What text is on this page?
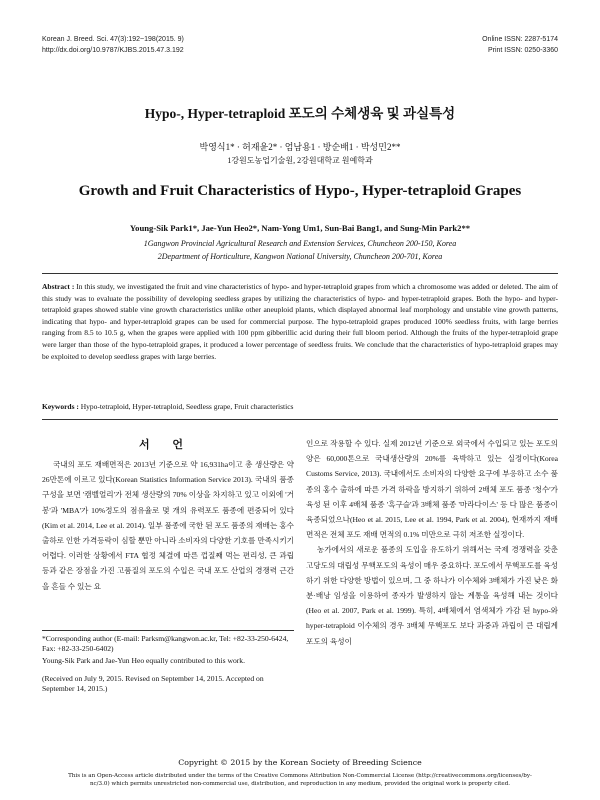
Korean J. Breed. Sci. 47(3):192~198(2015. 9)
http://dx.doi.org/10.9787/KJBS.2015.47.3.192
Online ISSN: 2287-5174
Print ISSN: 0250-3360
Hypo-, Hyper-tetraploid 포도의 수체생육 및 과실특성
박영식1* · 허재윤2* · 엄남용1 · 방순배1 · 박성민2**
1강원도농업기술원, 2강원대학교 원예학과
Growth and Fruit Characteristics of Hypo-, Hyper-tetraploid Grapes
Young-Sik Park1*, Jae-Yun Heo2*, Nam-Yong Um1, Sun-Bai Bang1, and Sung-Min Park2**
1Gangwon Provincial Agricultural Research and Extension Services, Chuncheon 200-150, Korea
2Department of Horticulture, Kangwon National University, Chuncheon 200-701, Korea
Abstract : In this study, we investigated the fruit and vine characteristics of hypo- and hyper-tetraploid grapes from which a chromosome was added or deleted. The aim of this study was to evaluate the possibility of developing seedless grapes by utilizing the characteristics of hypo- and hyper-tetraploid grapes. Both the hypo- and hyper-tetraploid grapes showed stable vine growth characteristics unlike other aneuploid plants, which displayed abnormal leaf morphology and unstable vine growth patterns, indicating that hypo- and hyper-tetraploid grapes can be used for commercial purpose. The hypo-tetraploid grapes produced 100% seedless fruits, with large berries ranging from 8.5 to 10.5 g, when the grapes were applied with 100 ppm gibberillic acid during their full bloom period. Although the fruits of the hyper-tetraploid grape were larger than those of the hypo-tetraploid grapes, it produced a lower percentage of seedless fruits. We conclude that the characteristics of hypo-tetraploid grapes may be exploited to develop seedless grapes with large berries.
Keywords : Hypo-tetraploid, Hyper-tetraploid, Seedless grape, Fruit characteristics
서 언

국내의 포도 재배면적은 2013년 기준으로 약 16,931ha이고 총 생산량은 약 26만톤에 이르고 있다(Korean Statistics Information Service 2013). 국내의 품종 구성을 보면 '캠벨얼리'가 전체 생산량의 70% 이상을 차지하고 있고 이외에 '거봉'과 'MBA'가 10%정도의 점유율로 몇 개의 유력포도 품종에 편중되어 있다(Kim et al. 2014, Lee et al. 2014). 일부 품종에 국한 된 포도 품종의 재배는 홍수출하로 인한 가격등락이 심할 뿐만 아니라 소비자의 다양한 기호를 만족시키기 어렵다. 이러한 상황에서 FTA 협정 체결에 따른 껍질째 먹는 편리성, 큰 과립 등과 같은 장점을 가진 고품질의 포도의 수입은 국내 포도 산업의 경쟁력 근간을 흔들 수 있는 요

*Corresponding author (E-mail: Parksm@kangwon.ac.kr, Tel: +82-33-250-6424, Fax: +82-33-250-6402)
Young-Sik Park and Jae-Yun Heo equally contributed to this work.
(Received on July 9, 2015. Revised on September 14, 2015. Accepted on September 14, 2015.)

인으로 작용할 수 있다. 실제 2012년 기준으로 외국에서 수입되고 있는 포도의 양은 60,000톤으로 국내생산량의 20%를 육박하고 있는 실정이다(Korea Customs Service, 2013). 국내에서도 소비자의 다양한 요구에 부응하고 소수 품종의 홍수 출하에 따른 가격 하락을 방지하기 위하여 2배체 포도 품종 '청수'가 육성 된 이후 4배체 품종 '흑구슬'과 3배체 품종 '마라다이스' 등 다 많은 품종이 육종되었으나(Heo et al. 2015, Lee et al. 1994, Park et al. 2004), 현재까지 재배면적은 전체 포도 재배 면적의 0.1% 미만으로 극히 저조한 실정이다.

농가에서의 새로운 품종의 도입을 유도하기 위해서는 국제 경쟁력을 갖춘 고당도의 대립성 무핵포도의 육성이 매우 중요하다. 포도에서 무핵포도를 육성하기 위한 다양한 방법이 있으며, 그 중 하나가 이수체와 3배체가 가진 낮은 화분·배낭 임성을 이용하여 종자가 발생하지 않는 계통을 육성해 내는 것이다(Heo et al. 2007, Park et al. 1999). 특히, 4배체에서 염색체가 가감 된 hypo-와 hyper-tetraploid 이수체의 경우 3배체 무핵포도 보다 과중과 과립이 큰 대립계 포도의 육성이

Copyright © 2015 by the Korean Society of Breeding Science
This is an Open-Access article distributed under the terms of the Creative Commons Attribution Non-Commercial License (http://creativecommons.org/licenses/by-nc/3.0) which permits unrestricted non-commercial use, distribution, and reproduction in any medium, provided the original work is properly cited.
